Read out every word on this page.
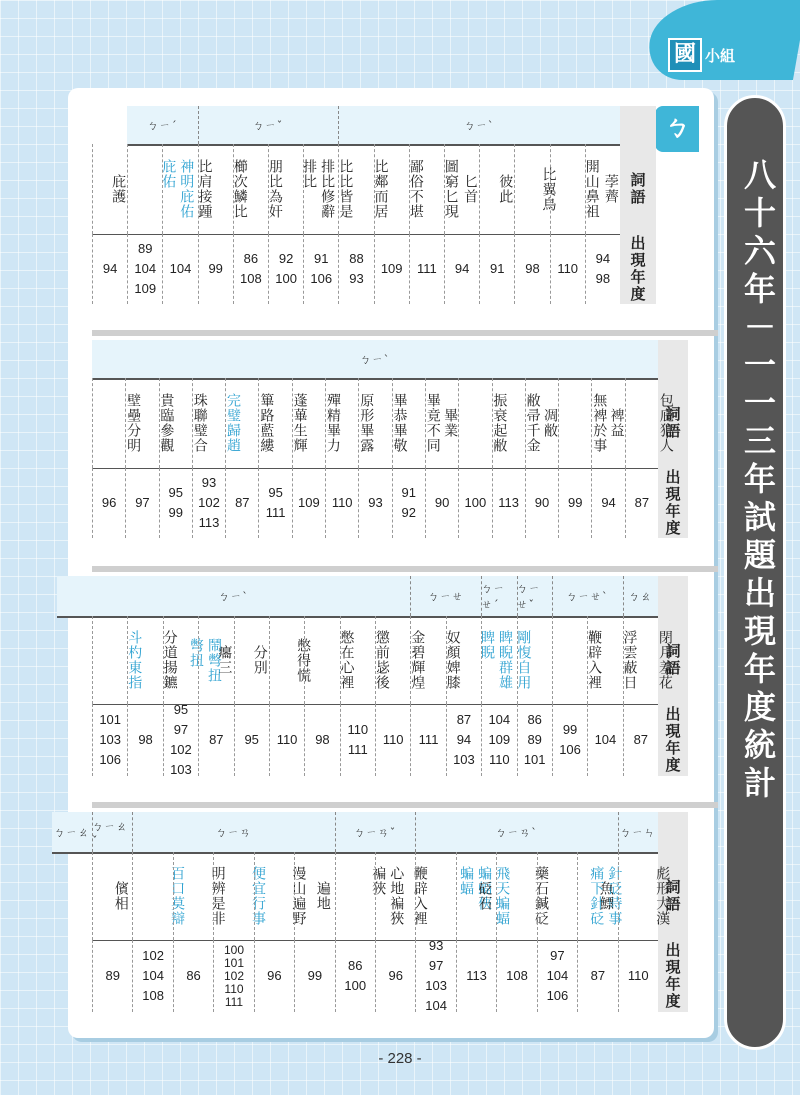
國 小組
ㄅ
八十六年－一一三年試題出現年度統計
ㄅㄧˋ
ㄅㄧˇ
ㄅㄧˊ
詞語
出現年度
庇護
94
神明庇佑
庇佑
89
104
109
比肩接踵
104
櫛次鱗比
99
朋比為奸
86
108
排比修辭
排比
92
100
比比皆是
91
106
比鄰而居
88
93
鄙俗不堪
109
圖窮匕現
111
匕首
94
彼此
91
比翼鳥
98
開山鼻祖
110
荸薺
94
98
ㄅㄧˋ
詞語
出現年度
壁壘分明
96
貴臨參觀
97
珠聯璧合
95
99
完璧歸趙
93
102
113
篳路藍縷
87
蓬蓽生輝
95
111
殫精畢力
109
原形畢露
110
畢恭畢敬
93
畢竟不同
91
92
畢業
90
振衰起敝
100
敝帚千金
113
凋敝
90
無裨於事
99
裨益
94
包庇犯人
87
ㄅㄠ
ㄅㄧㄝˋ
ㄅㄧㄝˇ
ㄅㄧㄝˊ
ㄅㄧㄝ
ㄅㄧˋ
詞語
出現年度
斗杓東指
101
103
106
分道揚鑣
98
鬧彆扭
彆扭
95
97
102
103
癟三
87
分別
95
憋得慌
110
憋在心裡
98
懲前毖後
110
111
金碧輝煌
110
奴顏婢膝
111
睥睨群雄
睥睨
87
94
103
剛愎自用
104
109
110
86
89
101
鞭辟入裡
99
106
浮雲蔽日
104
閉月羞花
87
ㄅㄧㄣ
ㄅㄧㄢˋ
ㄅㄧㄢˇ
ㄅㄧㄢ
ㄅㄧㄠˇ
ㄅㄧㄠ
詞語
出現年度
儐相
89
百口莫辯
102
104
108
明辨是非
86
便宜行事
100
101
102
110
111
漫山遍野
96
遍地
99
心地褊狹
褊狹
86
100
鞭辟入裡
96
飛天蝙蝠
蝙蝠俠
蝙蝠
93
97
103
104
砭石
113
藥石鍼砭
108
針砭時事
痛下針砭
97
104
106
魚鰾
87
彪形大漢
110
- 228 -
